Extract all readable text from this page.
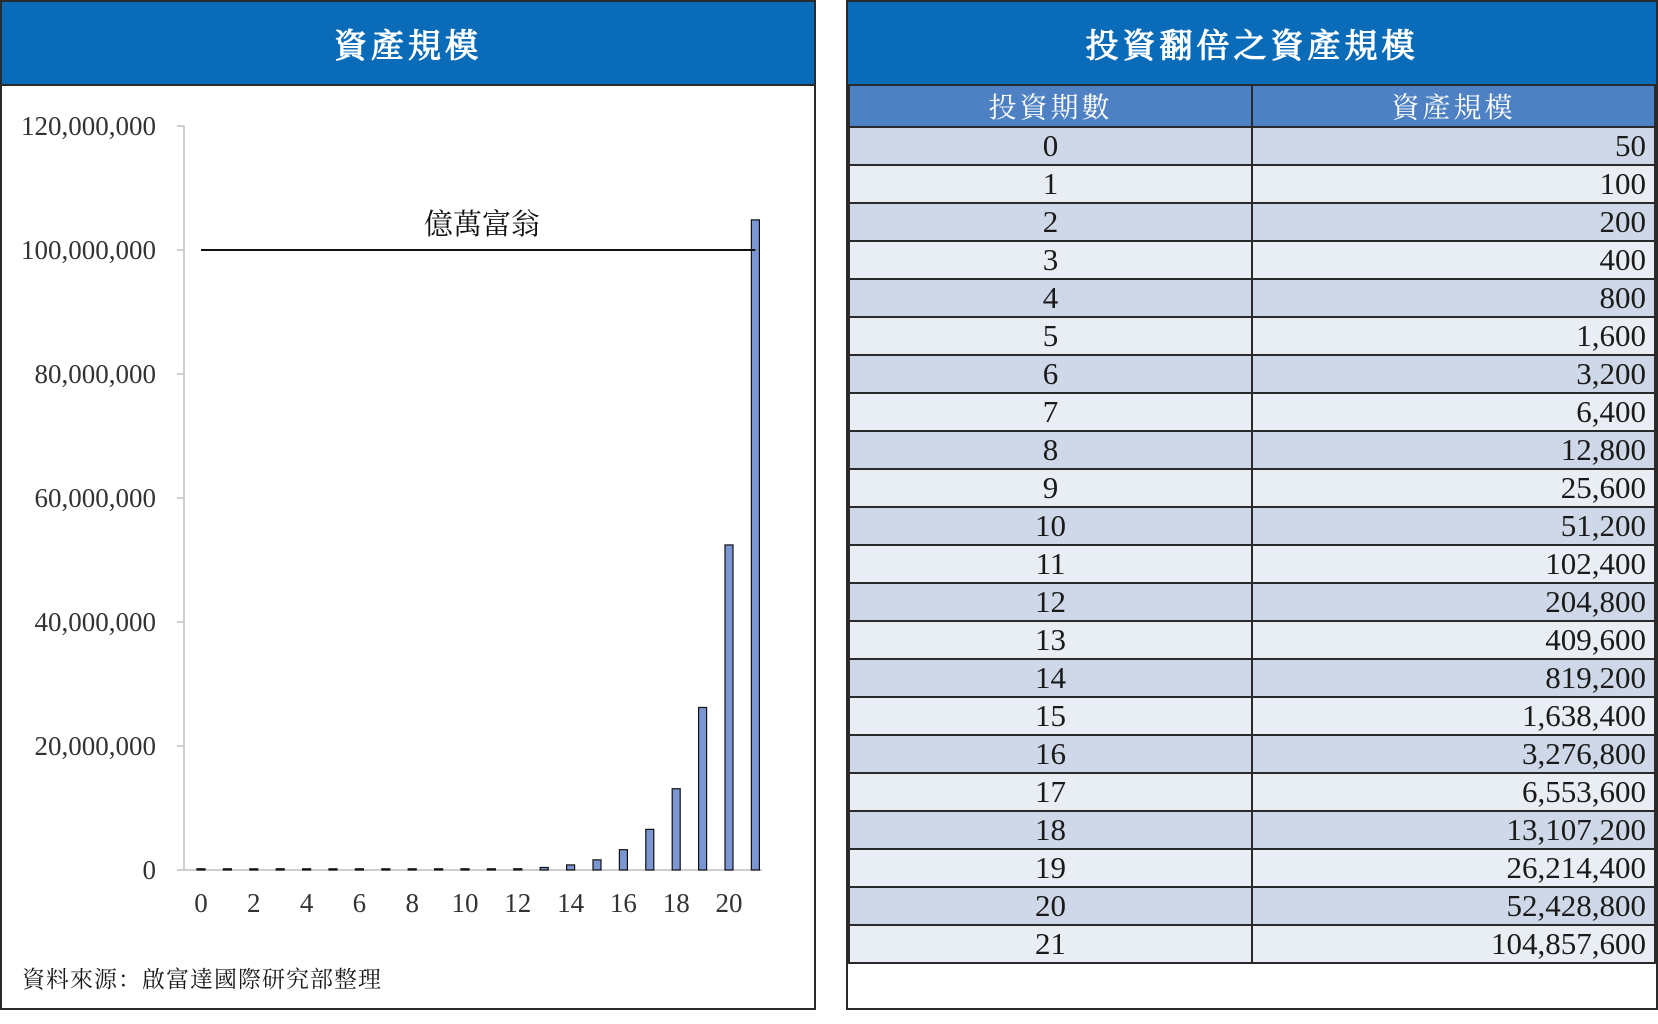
資產規模
120,000,000
100,000,000
80,000,000
60,000,000
40,000,000
20,000,000
0
0 2 4 6 8 10 12 14 16 18 20
億萬富翁
資料來源：啟富達國際研究部整理
投資翻倍之資產規模
投資期數	資產規模
0	50
1	100
2	200
3	400
4	800
5	1,600
6	3,200
7	6,400
8	12,800
9	25,600
10	51,200
11	102,400
12	204,800
13	409,600
14	819,200
15	1,638,400
16	3,276,800
17	6,553,600
18	13,107,200
19	26,214,400
20	52,428,800
21	104,857,600
